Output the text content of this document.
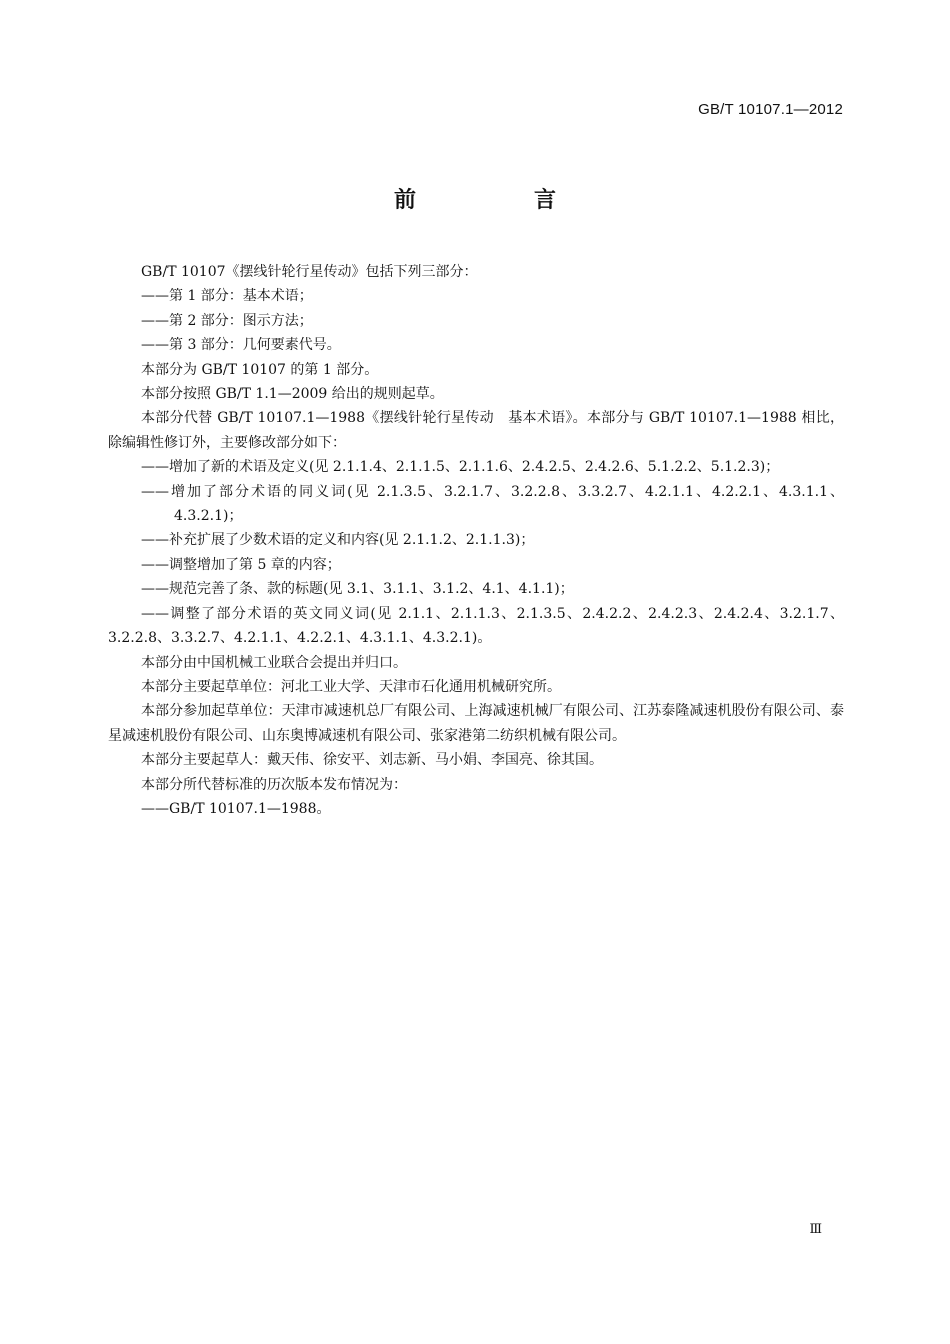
GB/T 10107.1—2012
前　言

GB/T 10107《摆线针轮行星传动》包括下列三部分：

——第 1 部分：基本术语；

——第 2 部分：图示方法；

——第 3 部分：几何要素代号。

本部分为 GB/T 10107 的第 1 部分。

本部分按照 GB/T 1.1—2009 给出的规则起草。

本部分代替 GB/T 10107.1—1988《摆线针轮行星传动　基本术语》。本部分与 GB/T 10107.1—1988 相比，除编辑性修订外，主要修改部分如下：

——增加了新的术语及定义(见 2.1.1.4、2.1.1.5、2.1.1.6、2.4.2.5、2.4.2.6、5.1.2.2、5.1.2.3)；

——增加了部分术语的同义词(见 2.1.3.5、3.2.1.7、3.2.2.8、3.3.2.7、4.2.1.1、4.2.2.1、4.3.1.1、4.3.2.1)；

——补充扩展了少数术语的定义和内容(见 2.1.1.2、2.1.1.3)；

——调整增加了第 5 章的内容；

——规范完善了条、款的标题(见 3.1、3.1.1、3.1.2、4.1、4.1.1)；

——调整了部分术语的英文同义词(见 2.1.1、2.1.1.3、2.1.3.5、2.4.2.2、2.4.2.3、2.4.2.4、3.2.1.7、3.2.2.8、3.3.2.7、4.2.1.1、4.2.2.1、4.3.1.1、4.3.2.1)。

本部分由中国机械工业联合会提出并归口。

本部分主要起草单位：河北工业大学、天津市石化通用机械研究所。

本部分参加起草单位：天津市减速机总厂有限公司、上海减速机械厂有限公司、江苏泰隆减速机股份有限公司、泰星减速机股份有限公司、山东奥博减速机有限公司、张家港第二纺织机械有限公司。

本部分主要起草人：戴天伟、徐安平、刘志新、马小娟、李国亮、徐其国。

本部分所代替标准的历次版本发布情况为：

——GB/T 10107.1—1988。

Ⅲ
